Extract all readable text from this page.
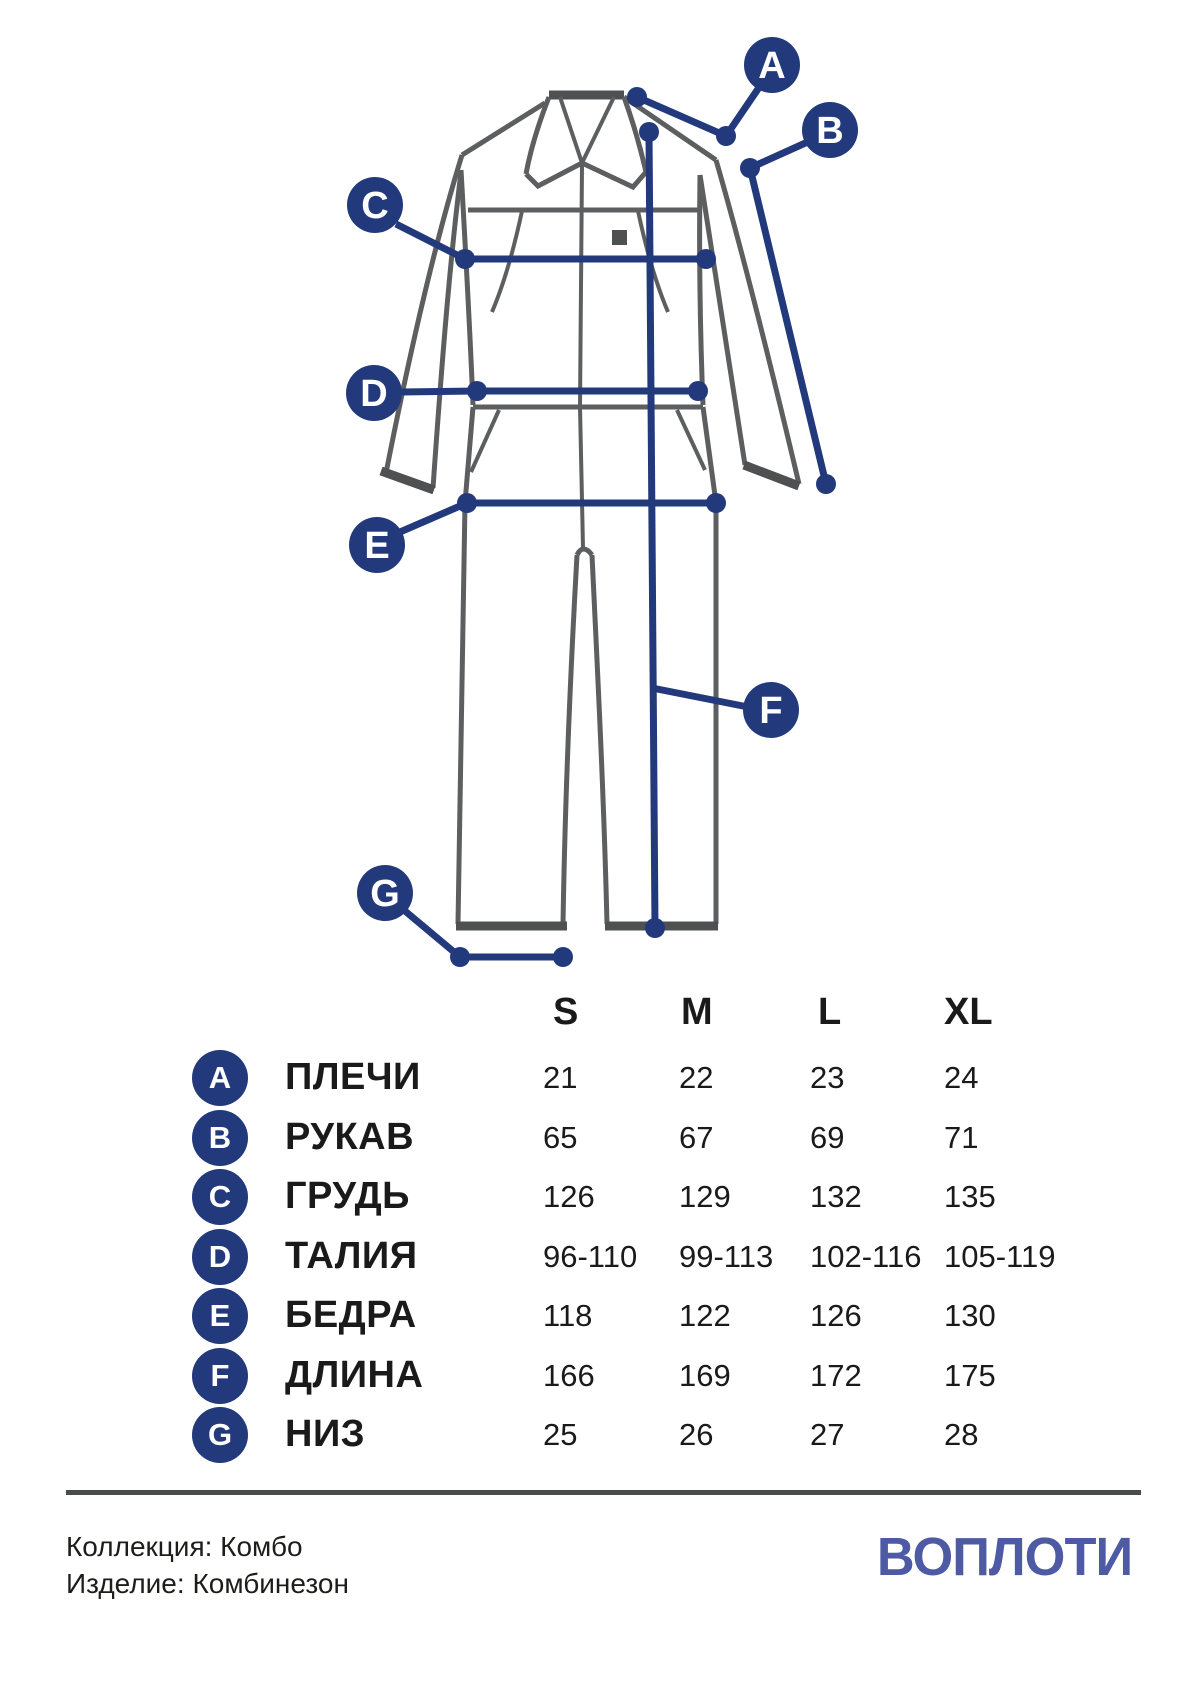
A
B
C
D
E
F
G
S	M	L	XL
A	ПЛЕЧИ	21	22	23	24
B	РУКАВ	65	67	69	71
C	ГРУДЬ	126	129	132	135
D	ТАЛИЯ	96-110 99-113 102-116 105-119
E	БЕДРА	118	122	126	130
F	ДЛИНА	166	169	172	175
G	НИЗ	25	26	27	28
Коллекция: Комбо
Изделие: Комбинезон	ВОПЛОТИ
